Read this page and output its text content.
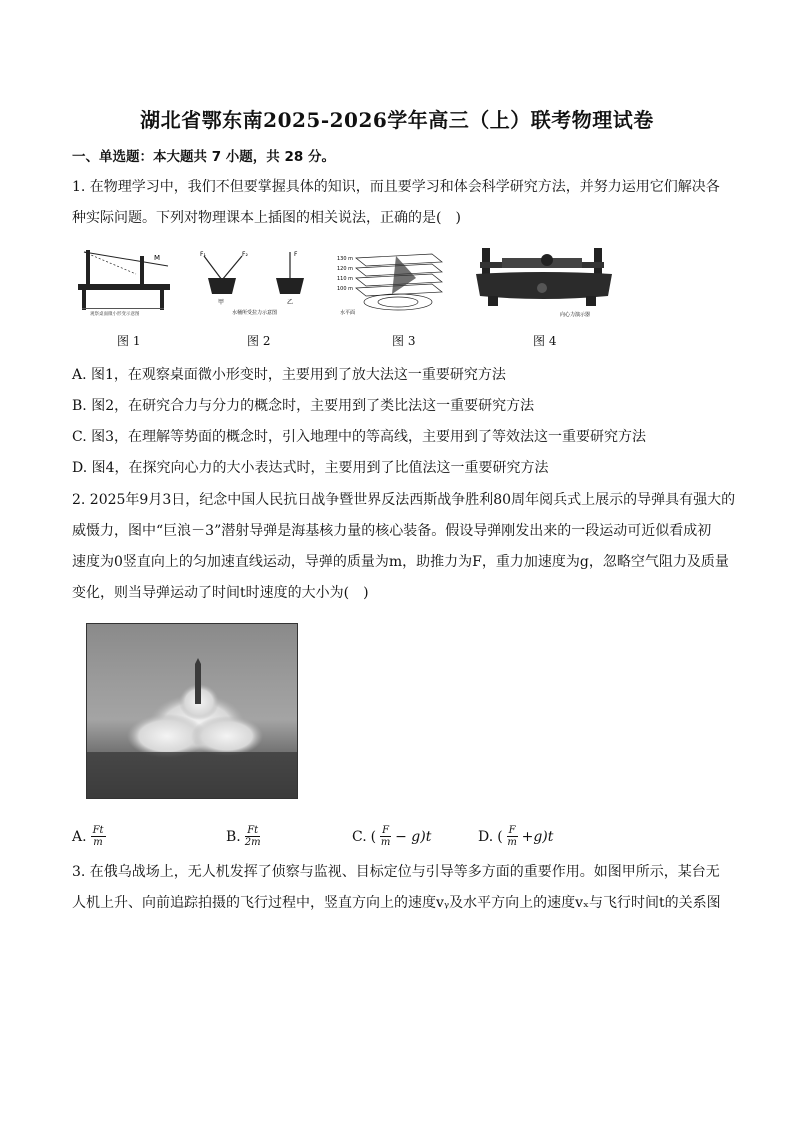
湖北省鄂东南2025-2026学年高三（上）联考物理试卷
一、单选题：本大题共 7 小题，共 28 分。
1. 在物理学习中，我们不但要掌握具体的知识，而且要学习和体会科学研究方法，并努力运用它们解决各
种实际问题。下列对物理课本上插图的相关说法，正确的是(　)
M
观察桌面微小形变示意图
图 1
F₁	F₂	F
甲	乙
水桶所受拉力示意图
图 2
130 m
120 m
110 m
100 m
水平面
图 3
向心力演示器
图 4
A. 图1，在观察桌面微小形变时，主要用到了放大法这一重要研究方法
B. 图2，在研究合力与分力的概念时，主要用到了类比法这一重要研究方法
C. 图3，在理解等势面的概念时，引入地理中的等高线，主要用到了等效法这一重要研究方法
D. 图4，在探究向心力的大小表达式时，主要用到了比值法这一重要研究方法
2. 2025年9月3日，纪念中国人民抗日战争暨世界反法西斯战争胜利80周年阅兵式上展示的导弹具有强大的
威慑力，图中“巨浪－3”潜射导弹是海基核力量的核心装备。假设导弹刚发出来的一段运动可近似看成初
速度为0竖直向上的匀加速直线运动，导弹的质量为m，助推力为F，重力加速度为g，忽略空气阻力及质量
变化，则当导弹运动了时间t时速度的大小为(　)
A. $\frac{Ft}{m}$	B. $\frac{Ft}{2m}$	C. ( $\frac{F}{m} - g)t$	D. ( $\frac{F}{m} +g)t$
3. 在俄乌战场上，无人机发挥了侦察与监视、目标定位与引导等多方面的重要作用。如图甲所示，某台无
人机上升、向前追踪拍摄的飞行过程中，竖直方向上的速度vᵧ及水平方向上的速度vₓ与飞行时间t的关系图
